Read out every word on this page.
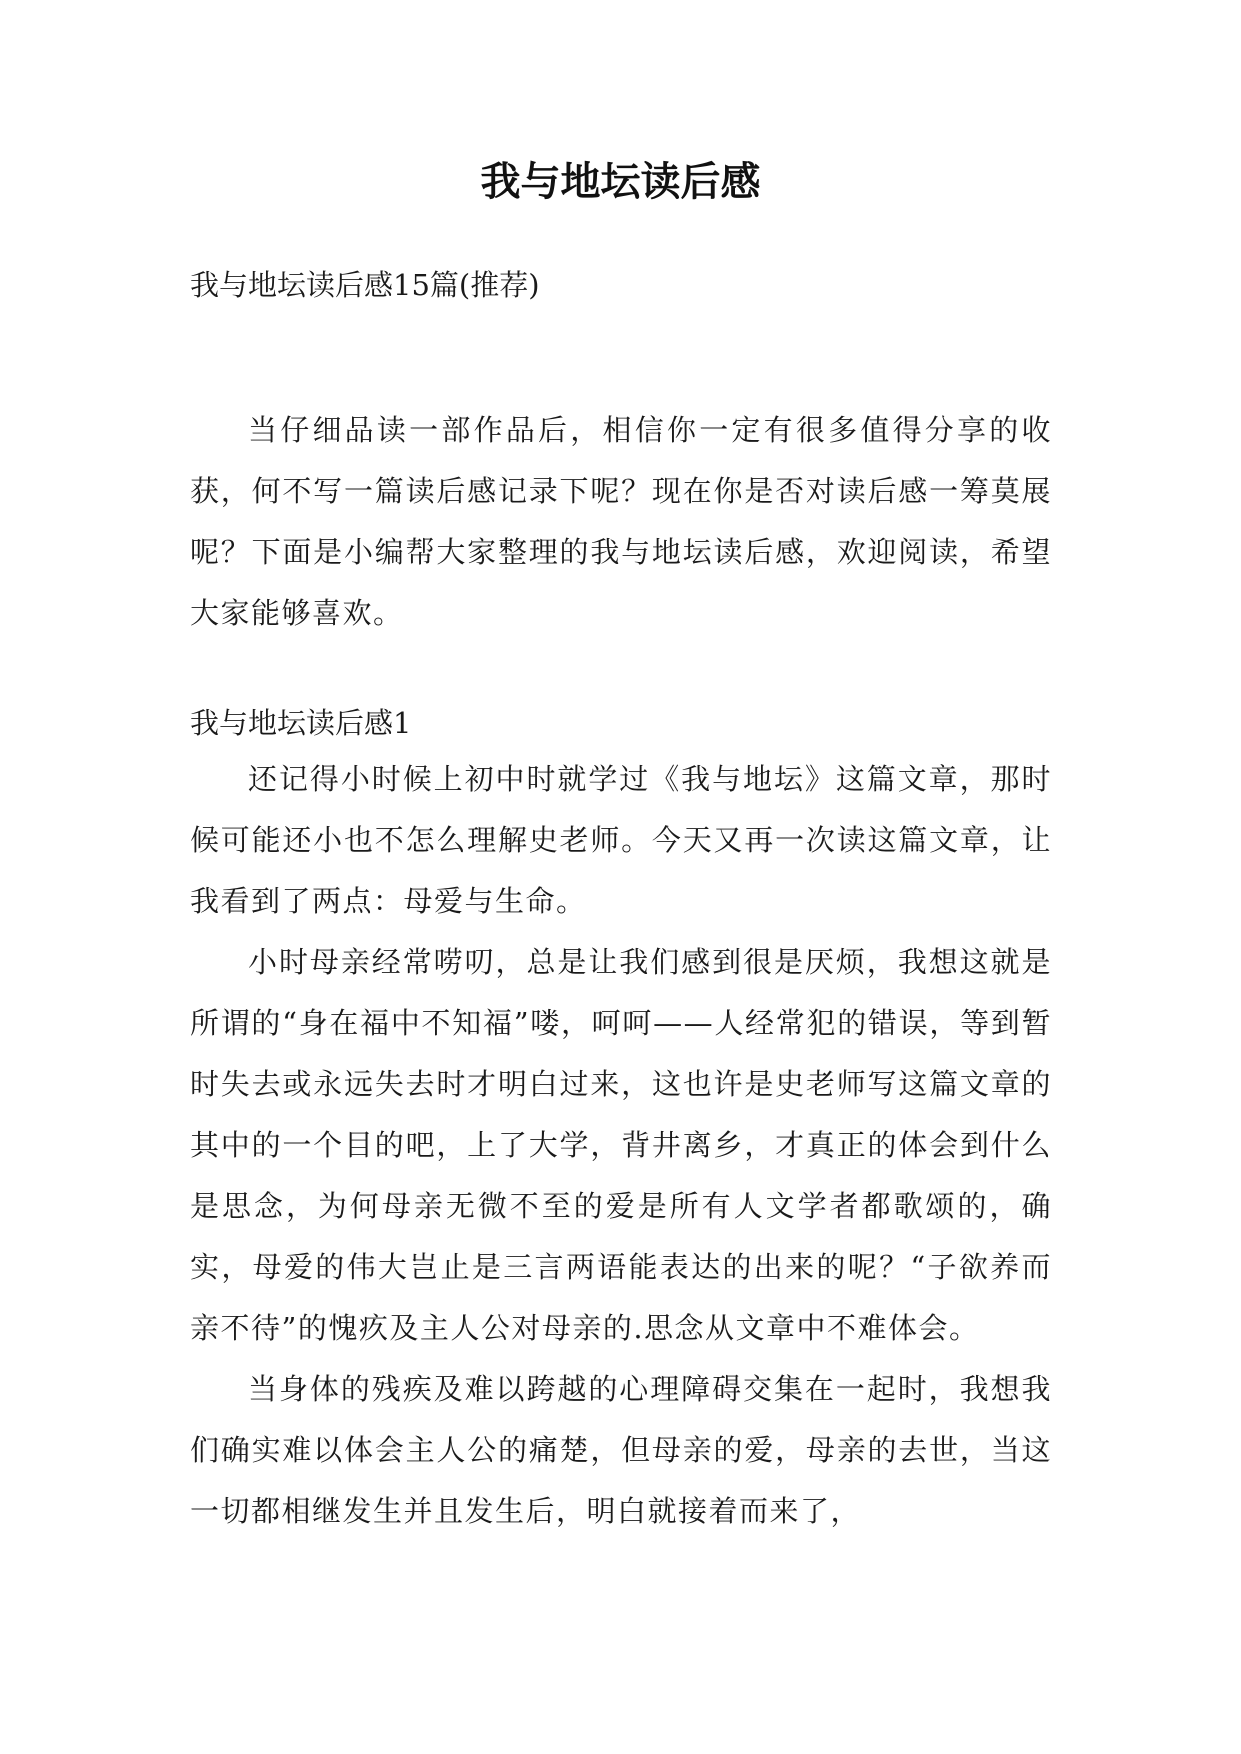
我与地坛读后感
我与地坛读后感15篇(推荐)

当仔细品读一部作品后，相信你一定有很多值得分享的收获，何不写一篇读后感记录下呢？现在你是否对读后感一筹莫展呢？下面是小编帮大家整理的我与地坛读后感，欢迎阅读，希望大家能够喜欢。

我与地坛读后感1

还记得小时候上初中时就学过《我与地坛》这篇文章，那时候可能还小也不怎么理解史老师。今天又再一次读这篇文章，让我看到了两点：母爱与生命。

小时母亲经常唠叨，总是让我们感到很是厌烦，我想这就是所谓的“身在福中不知福”喽，呵呵——人经常犯的错误，等到暂时失去或永远失去时才明白过来，这也许是史老师写这篇文章的其中的一个目的吧，上了大学，背井离乡，才真正的体会到什么是思念，为何母亲无微不至的爱是所有人文学者都歌颂的，确实，母爱的伟大岂止是三言两语能表达的出来的呢？“子欲养而亲不待”的愧疚及主人公对母亲的.思念从文章中不难体会。

当身体的残疾及难以跨越的心理障碍交集在一起时，我想我们确实难以体会主人公的痛楚，但母亲的爱，母亲的去世，当这一切都相继发生并且发生后，明白就接着而来了，
